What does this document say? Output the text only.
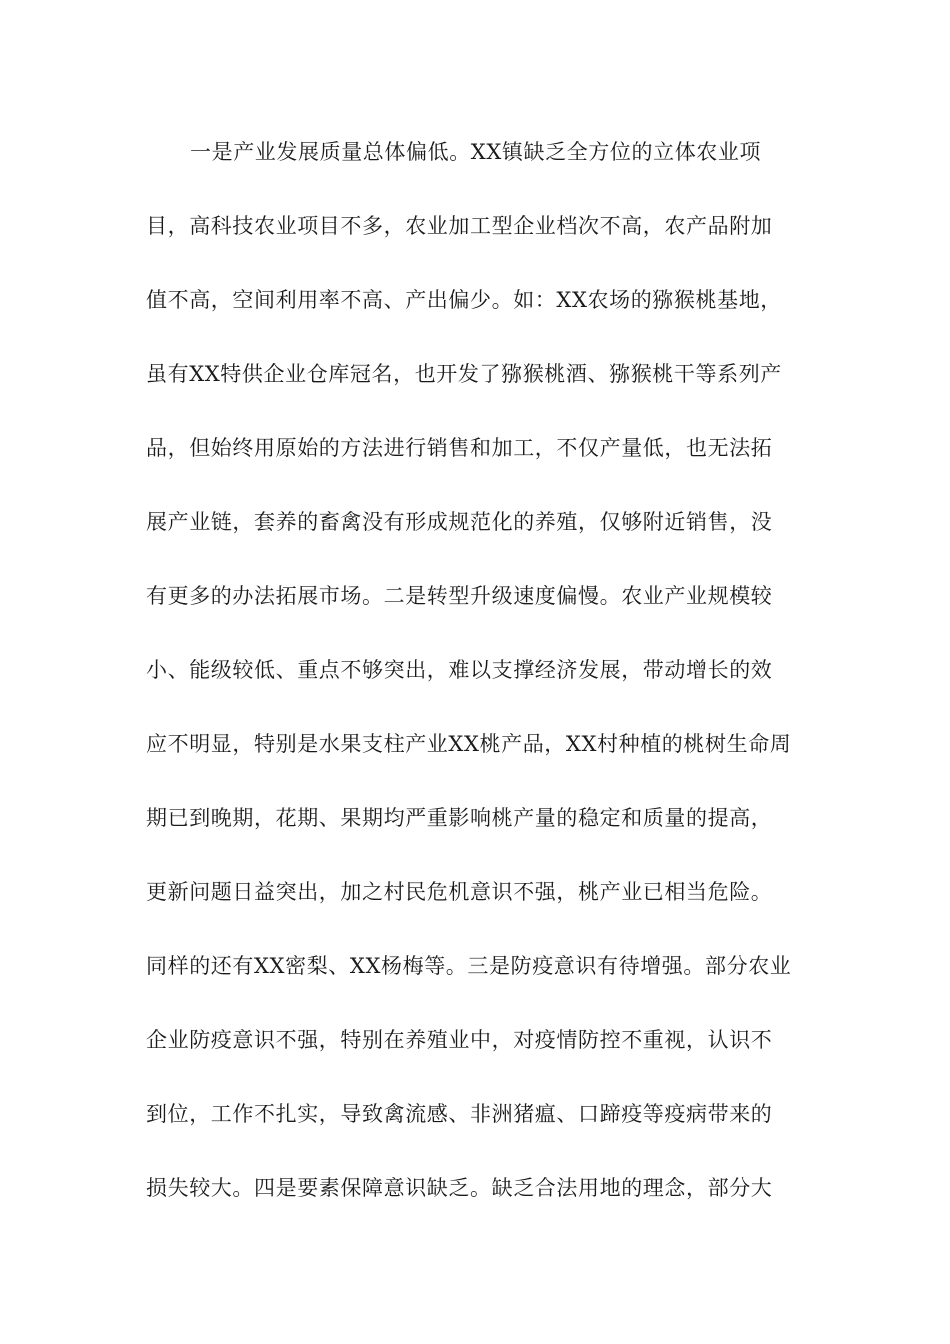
一是产业发展质量总体偏低。XX镇缺乏全方位的立体农业项
目，高科技农业项目不多，农业加工型企业档次不高，农产品附加
值不高，空间利用率不高、产出偏少。如：XX农场的猕猴桃基地，
虽有XX特供企业仓库冠名，也开发了猕猴桃酒、猕猴桃干等系列产
品，但始终用原始的方法进行销售和加工，不仅产量低，也无法拓
展产业链，套养的畜禽没有形成规范化的养殖，仅够附近销售，没
有更多的办法拓展市场。二是转型升级速度偏慢。农业产业规模较
小、能级较低、重点不够突出，难以支撑经济发展，带动增长的效
应不明显，特别是水果支柱产业XX桃产品，XX村种植的桃树生命周
期已到晚期，花期、果期均严重影响桃产量的稳定和质量的提高，
更新问题日益突出，加之村民危机意识不强，桃产业已相当危险。
同样的还有XX密梨、XX杨梅等。三是防疫意识有待增强。部分农业
企业防疫意识不强，特别在养殖业中，对疫情防控不重视，认识不
到位，工作不扎实，导致禽流感、非洲猪瘟、口蹄疫等疫病带来的
损失较大。四是要素保障意识缺乏。缺乏合法用地的理念，部分大
